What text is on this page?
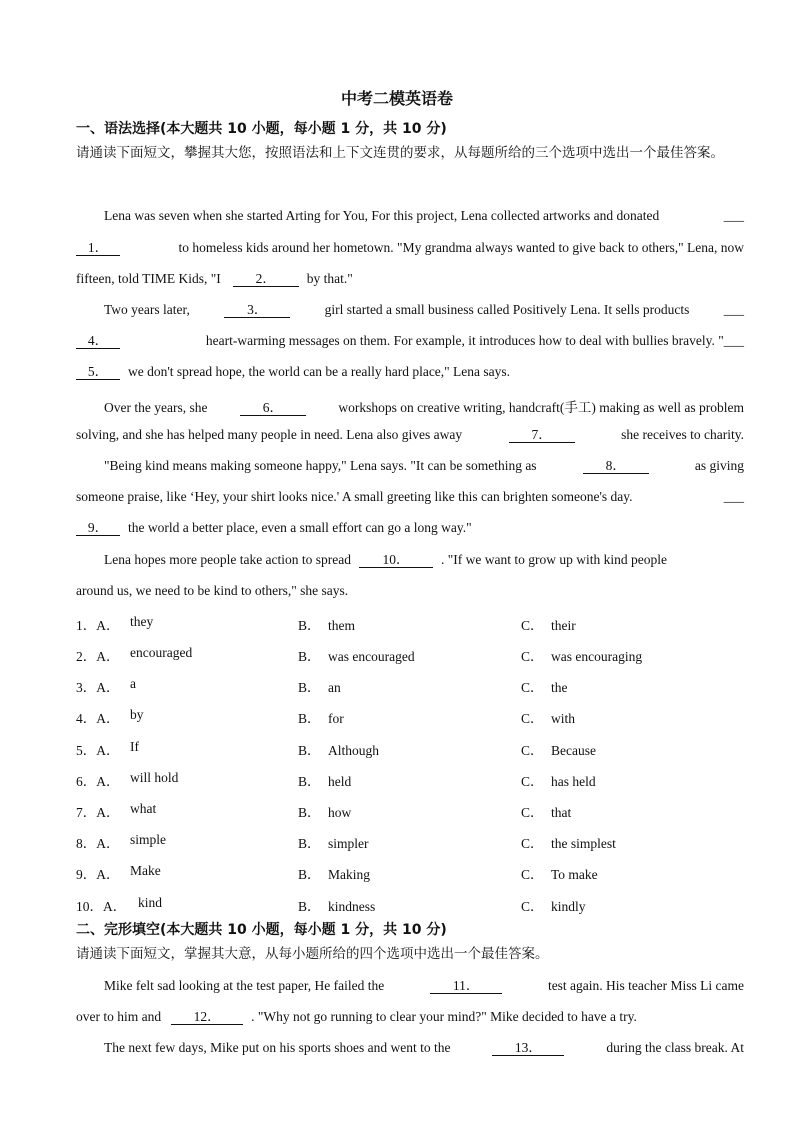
中考二模英语卷
一、语法选择(本大题共 10 小题，每小题 1 分，共 10 分)
请通读下面短文，攀握其大您，按照语法和上下文连贯的要求，从每题所给的三个选项中选出一个最佳答案。
Lena was seven when she started Arting for You, For this project, Lena collected artworks and donated	___
1．	to homeless kids around her hometown. "My grandma always wanted to give back to others," Lena, now
fifteen, told TIME Kids, "I	2．	by that."
Two years later,	3．	girl started a small business called Positively Lena. It sells products	___
4．	heart-warming messages on them. For example, it introduces how to deal with bullies bravely. "___
5．	we don't spread hope, the world can be a really hard place," Lena says.
Over the years, she	6．	workshops on creative writing, handcraft(手工) making as well as problem
solving, and she has helped many people in need. Lena also gives away	7．	she receives to charity.
"Being kind means making someone happy," Lena says. "It can be something as	8．	as giving
someone praise, like ‘Hey, your shirt looks nice.' A small greeting like this can brighten someone's day.	___
9．	the world a better place, even a small effort can go a long way."
Lena hopes more people take action to spread	10．	. "If we want to grow up with kind people
around us, we need to be kind to others," she says.
1．A． they	B． them	C． their
2．A． encouraged	B． was encouraged	C． was encouraging
3．A． a	B． an	C． the
4．A． by	B． for	C． with
5．A． If	B． Although	C． Because
6．A． will hold	B． held	C． has held
7．A． what	B． how	C． that
8．A． simple	B． simpler	C． the simplest
9．A． Make	B． Making	C． To make
10．A． kind	B． kindness	C． kindly
二、完形填空(本大题共 10 小题，每小题 1 分，共 10 分)
请通读下面短文，掌握其大意，从每小题所给的四个选项中选出一个最佳答案。
Mike felt sad looking at the test paper, He failed the	11．	test again. His teacher Miss Li came
over to him and	12．	. "Why not go running to clear your mind?" Mike decided to have a try.
The next few days, Mike put on his sports shoes and went to the	13．	during the class break. At
